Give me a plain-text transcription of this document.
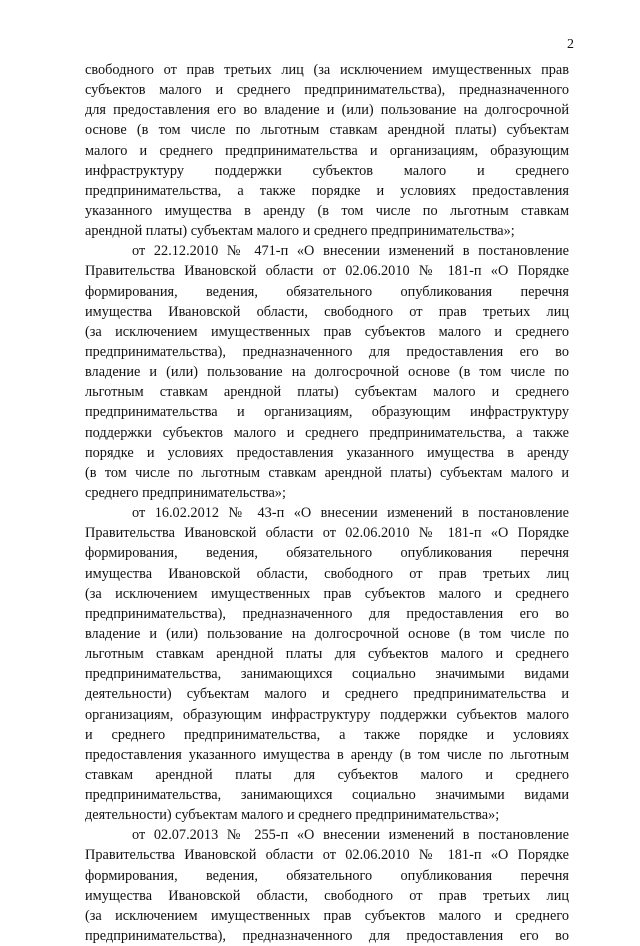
2
свободного от прав третьих лиц (за исключением имущественных прав
субъектов малого и среднего предпринимательства), предназначенного
для предоставления его во владение и (или) пользование на долгосрочной
основе (в том числе по льготным ставкам арендной платы) субъектам
малого и среднего предпринимательства и организациям, образующим
инфраструктуру поддержки субъектов малого и среднего
предпринимательства, а также порядке и условиях предоставления
указанного имущества в аренду (в том числе по льготным ставкам
арендной платы) субъектам малого и среднего предпринимательства»;
от 22.12.2010 № 471-п «О внесении изменений в постановление
Правительства Ивановской области от 02.06.2010 № 181-п «О Порядке
формирования, ведения, обязательного опубликования перечня
имущества Ивановской области, свободного от прав третьих лиц
(за исключением имущественных прав субъектов малого и среднего
предпринимательства), предназначенного для предоставления его во
владение и (или) пользование на долгосрочной основе (в том числе по
льготным ставкам арендной платы) субъектам малого и среднего
предпринимательства и организациям, образующим инфраструктуру
поддержки субъектов малого и среднего предпринимательства, а также
порядке и условиях предоставления указанного имущества в аренду
(в том числе по льготным ставкам арендной платы) субъектам малого и
среднего предпринимательства»;
от 16.02.2012 № 43-п «О внесении изменений в постановление
Правительства Ивановской области от 02.06.2010 № 181-п «О Порядке
формирования, ведения, обязательного опубликования перечня
имущества Ивановской области, свободного от прав третьих лиц
(за исключением имущественных прав субъектов малого и среднего
предпринимательства), предназначенного для предоставления его во
владение и (или) пользование на долгосрочной основе (в том числе по
льготным ставкам арендной платы для субъектов малого и среднего
предпринимательства, занимающихся социально значимыми видами
деятельности) субъектам малого и среднего предпринимательства и
организациям, образующим инфраструктуру поддержки субъектов малого
и среднего предпринимательства, а также порядке и условиях
предоставления указанного имущества в аренду (в том числе по льготным
ставкам арендной платы для субъектов малого и среднего
предпринимательства, занимающихся социально значимыми видами
деятельности) субъектам малого и среднего предпринимательства»;
от 02.07.2013 № 255-п «О внесении изменений в постановление
Правительства Ивановской области от 02.06.2010 № 181-п «О Порядке
формирования, ведения, обязательного опубликования перечня
имущества Ивановской области, свободного от прав третьих лиц
(за исключением имущественных прав субъектов малого и среднего
предпринимательства), предназначенного для предоставления его во
